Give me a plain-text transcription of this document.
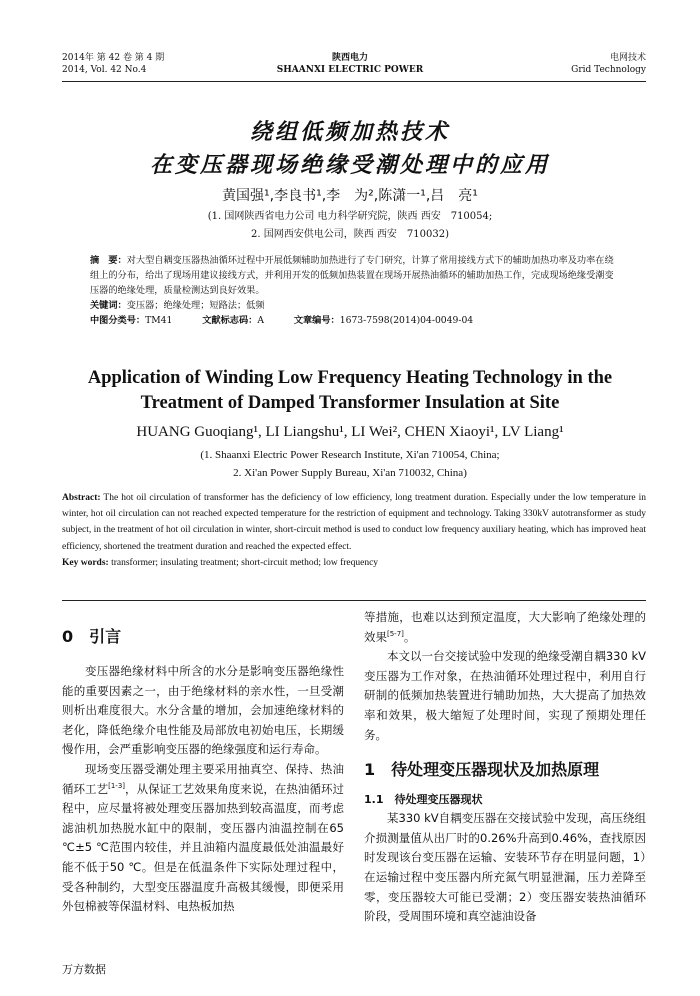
2014年 第 42 卷 第 4 期
2014, Vol. 42 No.4
陕西电力
SHAANXI ELECTRIC POWER
电网技术
Grid Technology
绕组低频加热技术
在变压器现场绝缘受潮处理中的应用
黄国强¹,李良书¹,李　为²,陈潇一¹,吕　亮¹
(1. 国网陕西省电力公司 电力科学研究院，陕西 西安　710054;
2. 国网西安供电公司，陕西 西安　710032)
摘　要：对大型自耦变压器热油循环过程中开展低频辅助加热进行了专门研究，计算了常用接线方式下的辅助加热功率及功率在绕组上的分布，给出了现场用建议接线方式，并利用开发的低频加热装置在现场开展热油循环的辅助加热工作，完成现场绝缘受潮变压器的绝缘处理，质量检测达到良好效果。
关键词：变压器；绝缘处理；短路法；低频
中图分类号：TM41	文献标志码：A	文章编号：1673-7598(2014)04-0049-04
Application of Winding Low Frequency Heating Technology in the
Treatment of Damped Transformer Insulation at Site
HUANG Guoqiang¹, LI Liangshu¹, LI Wei², CHEN Xiaoyi¹, LV Liang¹
(1. Shaanxi Electric Power Research Institute, Xi'an 710054, China;
2. Xi'an Power Supply Bureau, Xi'an 710032, China)
Abstract: The hot oil circulation of transformer has the deficiency of low efficiency, long treatment duration. Especially under the low temperature in winter, hot oil circulation can not reached expected temperature for the restriction of equipment and technology. Taking 330kV autotransformer as study subject, in the treatment of hot oil circulation in winter, short-circuit method is used to conduct low frequency auxiliary heating, which has improved heat efficiency, shortened the treatment duration and reached the expected effect.
Key words: transformer; insulating treatment; short-circuit method; low frequency
0　引言

变压器绝缘材料中所含的水分是影响变压器绝缘性能的重要因素之一，由于绝缘材料的亲水性，一旦受潮则析出难度很大。水分含量的增加，会加速绝缘材料的老化，降低绝缘介电性能及局部放电初始电压，长期缓慢作用，会严重影响变压器的绝缘强度和运行寿命。

现场变压器受潮处理主要采用抽真空、保持、热油循环工艺[1-3]，从保证工艺效果角度来说，在热油循环过程中，应尽量将被处理变压器加热到较高温度，而考虑滤油机加热脱水缸中的限制，变压器内油温控制在65 ℃±5 ℃范围内较佳，并且油箱内温度最低处油温最好能不低于50 ℃。但是在低温条件下实际处理过程中，受各种制约，大型变压器温度升高极其缓慢，即便采用外包棉被等保温材料、电热板加热

等措施，也难以达到预定温度，大大影响了绝缘处理的效果[5-7]。

本文以一台交接试验中发现的绝缘受潮自耦330 kV变压器为工作对象，在热油循环处理过程中，利用自行研制的低频加热装置进行辅助加热，大大提高了加热效率和效果，极大缩短了处理时间，实现了预期处理任务。

1　待处理变压器现状及加热原理
1.1　待处理变压器现状

某330 kV自耦变压器在交接试验中发现，高压绕组介损测量值从出厂时的0.26%升高到0.46%，查找原因时发现该台变压器在运输、安装环节存在明显问题，1）在运输过程中变压器内所充氮气明显泄漏，压力差降至零，变压器较大可能已受潮；2）变压器安装热油循环阶段，受周围环境和真空滤油设备

万方数据
